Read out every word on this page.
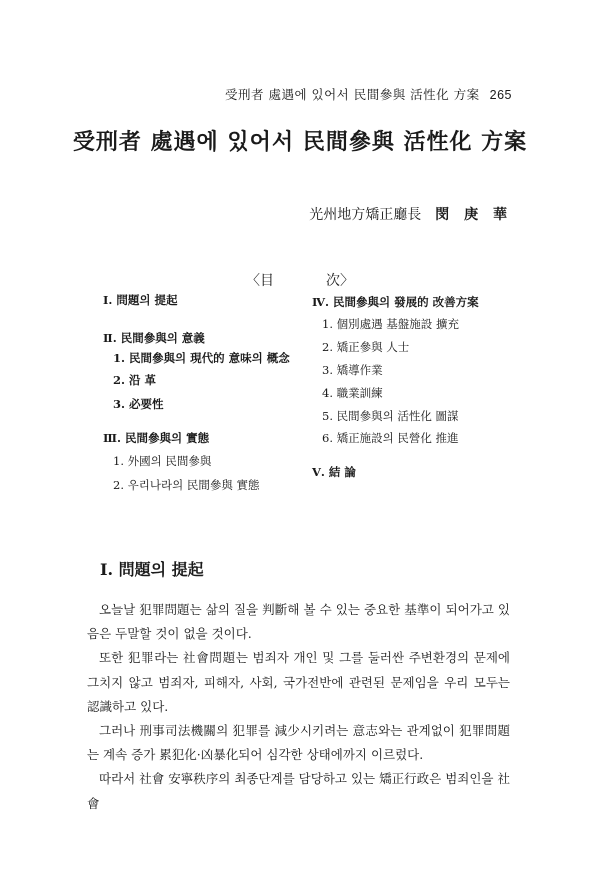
受刑者 處遇에 있어서 民間參與 活性化 方案 265
受刑者 處遇에 있어서 民間參與 活性化 方案
光州地方矯正廳長 閔 庚 華
〈目	次〉
Ⅰ. 問題의 提起
Ⅱ. 民間參與의 意義
1. 民間參與의 現代的 意味의 概念
2. 沿 革
3. 必要性
Ⅲ. 民間參與의 實態
1. 外國의 民間參與
2. 우리나라의 民間參與 實態
Ⅳ. 民間參與의 發展的 改善方案
1. 個別處遇 基盤施設 擴充
2. 矯正參與 人士
3. 矯導作業
4. 職業訓練
5. 民間參與의 活性化 圖謀
6. 矯正施設의 民營化 推進
Ⅴ. 結 論
Ⅰ. 問題의 提起

오늘날 犯罪問題는 삶의 질을 判斷해 볼 수 있는 중요한 基準이 되어가고 있음은 두말할 것이 없을 것이다.

또한 犯罪라는 社會問題는 범죄자 개인 및 그를 둘러싼 주변환경의 문제에 그치지 않고 범죄자, 피해자, 사회, 국가전반에 관련된 문제임을 우리 모두는 認識하고 있다.

그러나 刑事司法機關의 犯罪를 減少시키려는 意志와는 관계없이 犯罪問題는 계속 증가 累犯化·凶暴化되어 심각한 상태에까지 이르렀다.

따라서 社會 安寧秩序의 최종단계를 담당하고 있는 矯正行政은 범죄인을 社會
